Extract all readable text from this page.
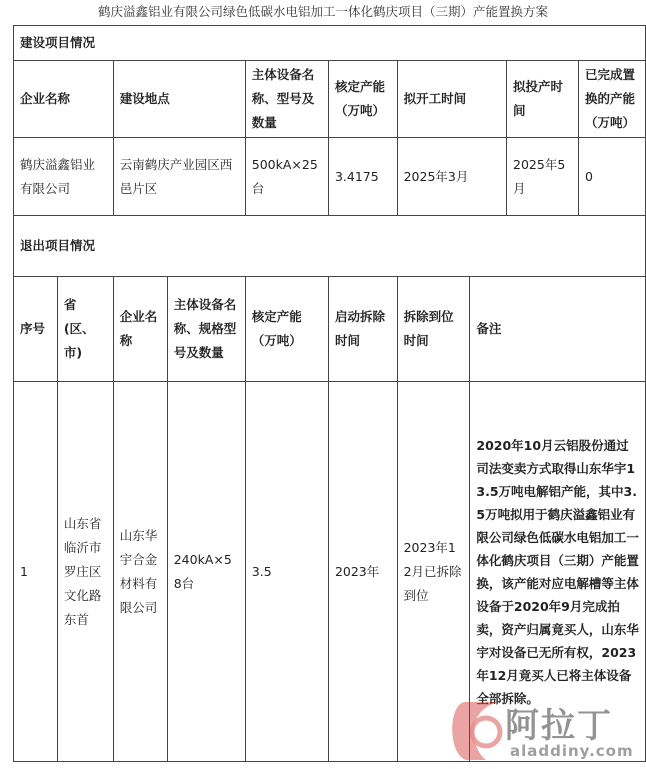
鹤庆溢鑫铝业有限公司绿色低碳水电铝加工一体化鹤庆项目（三期）产能置换方案
建设项目情况									
企业名称		建设地点		主体设备名称、型号及数量	核定产能（万吨）	拟开工时间		拟投产时间	已完成置换的产能（万吨）
鹤庆溢鑫铝业有限公司		云南鹤庆产业园区西邑片区		500kA×25台	3.4175	2025年3月		2025年5月	0
退出项目情况									
序号	省(区、市)	企业名称	主体设备名称、规格型号及数量	核定产能（万吨）	启动拆除时间	拆除到位时间	备注		
1	山东省临沂市罗庄区文化路东首	山东华宇合金材料有限公司	240kA×58台	3.5	2023年	2023年12月已拆除到位	2020年10月云铝股份通过司法变卖方式取得山东华宇13.5万吨电解铝产能，其中3.5万吨拟用于鹤庆溢鑫铝业有限公司绿色低碳水电铝加工一体化鹤庆项目（三期）产能置换，该产能对应电解槽等主体设备于2020年9月完成拍卖，资产归属竟买人，山东华宇对设备已无所有权，2023年12月竟买人已将主体设备全部拆除。		
阿拉丁
aladdiny.com
